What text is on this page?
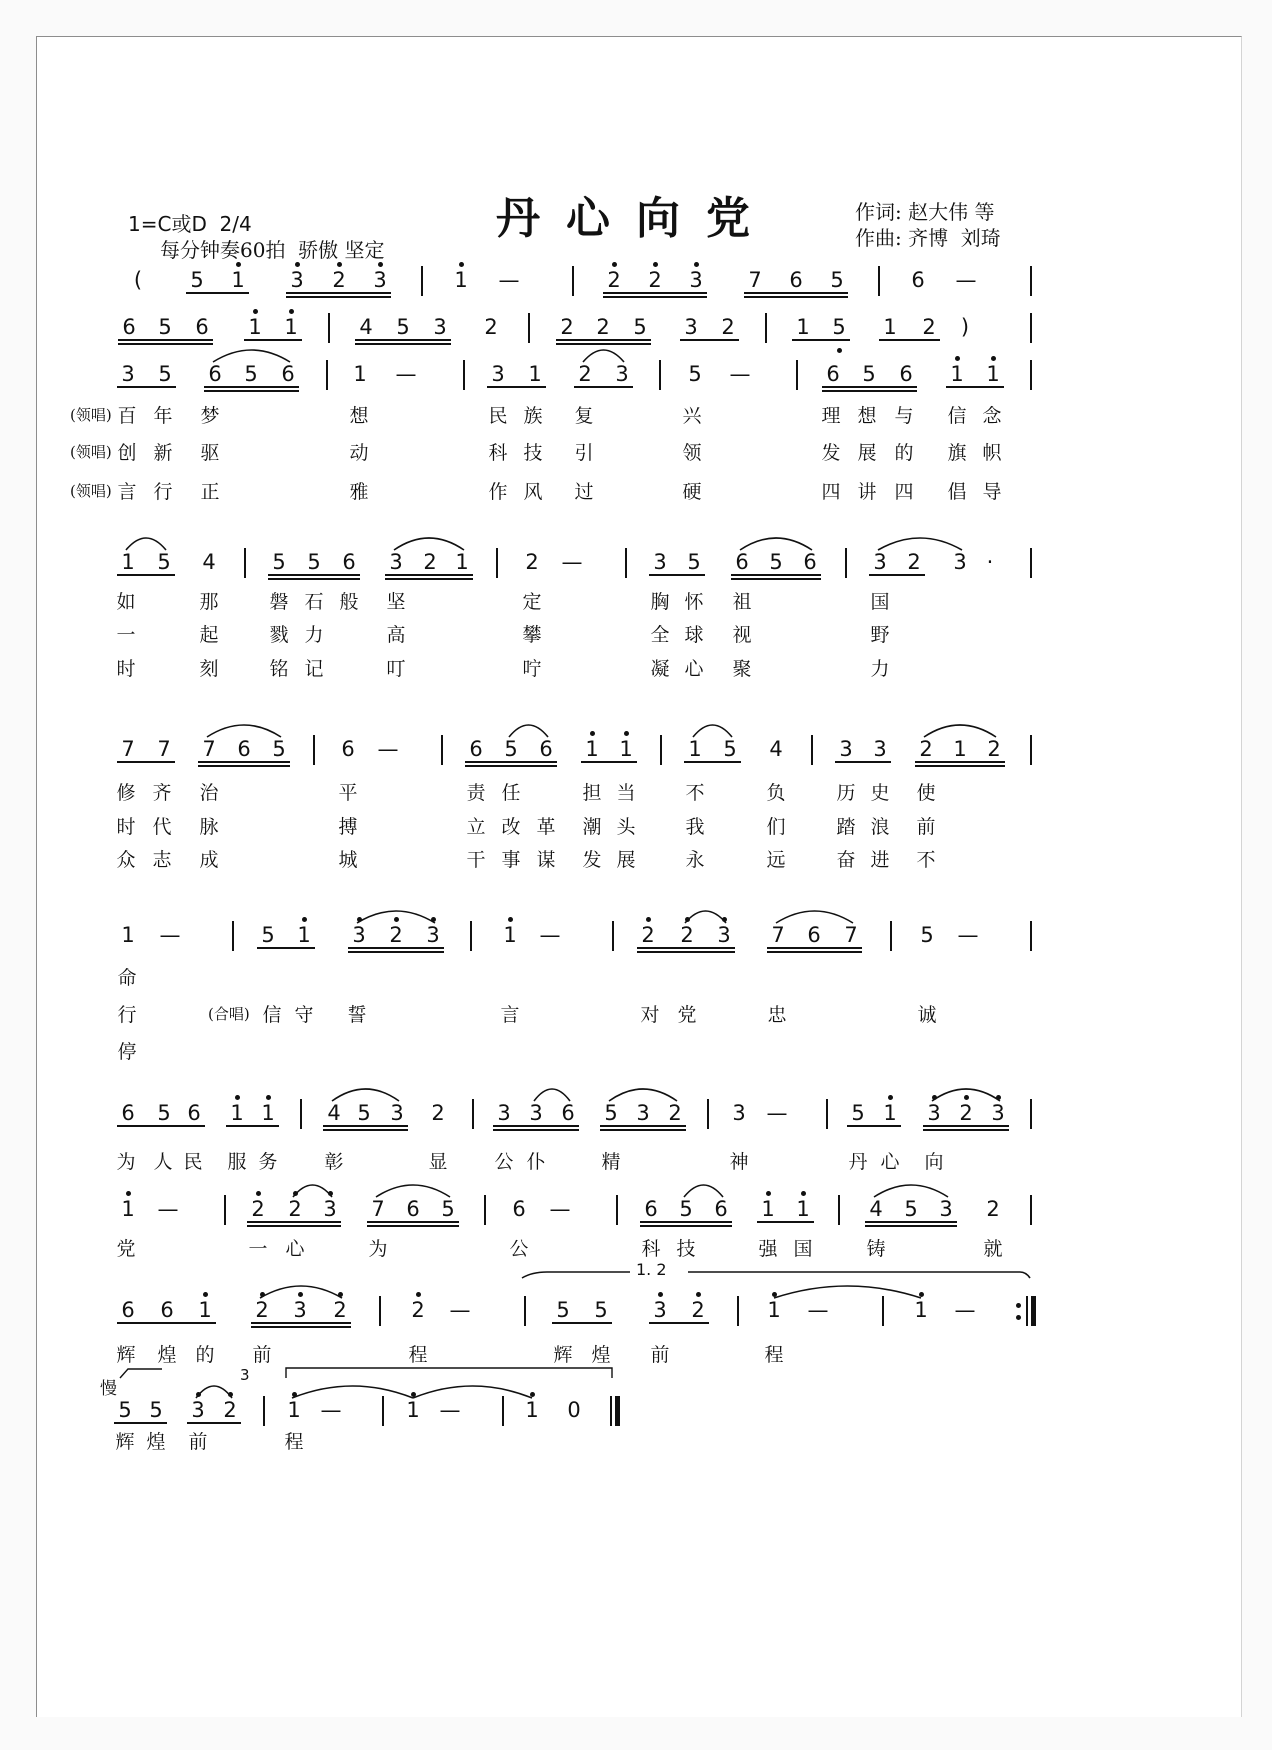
丹心向党
1=C或D  2/4
每分钟奏60拍  骄傲 坚定
作词: 赵大伟 等
作曲: 齐博  刘琦
( 5 1 3 2 3	1 —	2 2 3 7 6 5	6 —
6 5 6 1 1	4 5 3 2	2 2 5 3 2	1 5 1 2 )
3 5 6 5 6	1 —	3 1 2 3	5 —	6 5 6 1 1
1 5 4	5 5 6 3 2 1	2 —	3 5 6 5 6	3 2 3 ·
7 7 7 6 5	6 —	6 5 6 1 1	1 5 4	3 3 2 1 2
1 —	5 1 3 2 3	1 —	2 2 3 7 6 7	5 —
6 5 6 1 1	4 5 3 2	3 3 6 5 3 2 3 —	5 1 3 2 3
1 —	2 2 3 7 6 5	6 —	6 5 6 1 1	4 5 3 2
6 6 1 2 3 2	2 —	5 5 3 2	1 —	1 —
1. 2
5 5 3 2 1 —	1 —	1 0
慢
3
(领唱) 百 年 梦	想	民 族 复	兴	理 想 与 信 念
(领唱) 创 新 驱	动	科 技 引	领	发 展 的 旗 帜
(领唱) 言 行 正	雅	作 风 过	硬	四 讲 四 倡 导
如	那	磐 石 般 坚	定	胸 怀 祖	国
一	起	戮 力	高	攀	全 球 视	野
时	刻	铭 记	叮	咛	凝 心 聚	力
修 齐 治	平	责 任	担 当	不	负	历 史 使
时 代 脉	搏	立 改 革 潮 头	我	们	踏 浪 前
众 志 成	城	干 事 谋 发 展	永	远	奋 进 不
命
行	(合唱) 信 守 誓	言	对 党	忠	诚
停
为 人 民 服 务 彰	显 公 仆	精	神	丹 心 向
党	一 心	为	公	科 技	强 国	铸	就
辉 煌 的 前	程	辉 煌 前	程
辉 煌 前	程
